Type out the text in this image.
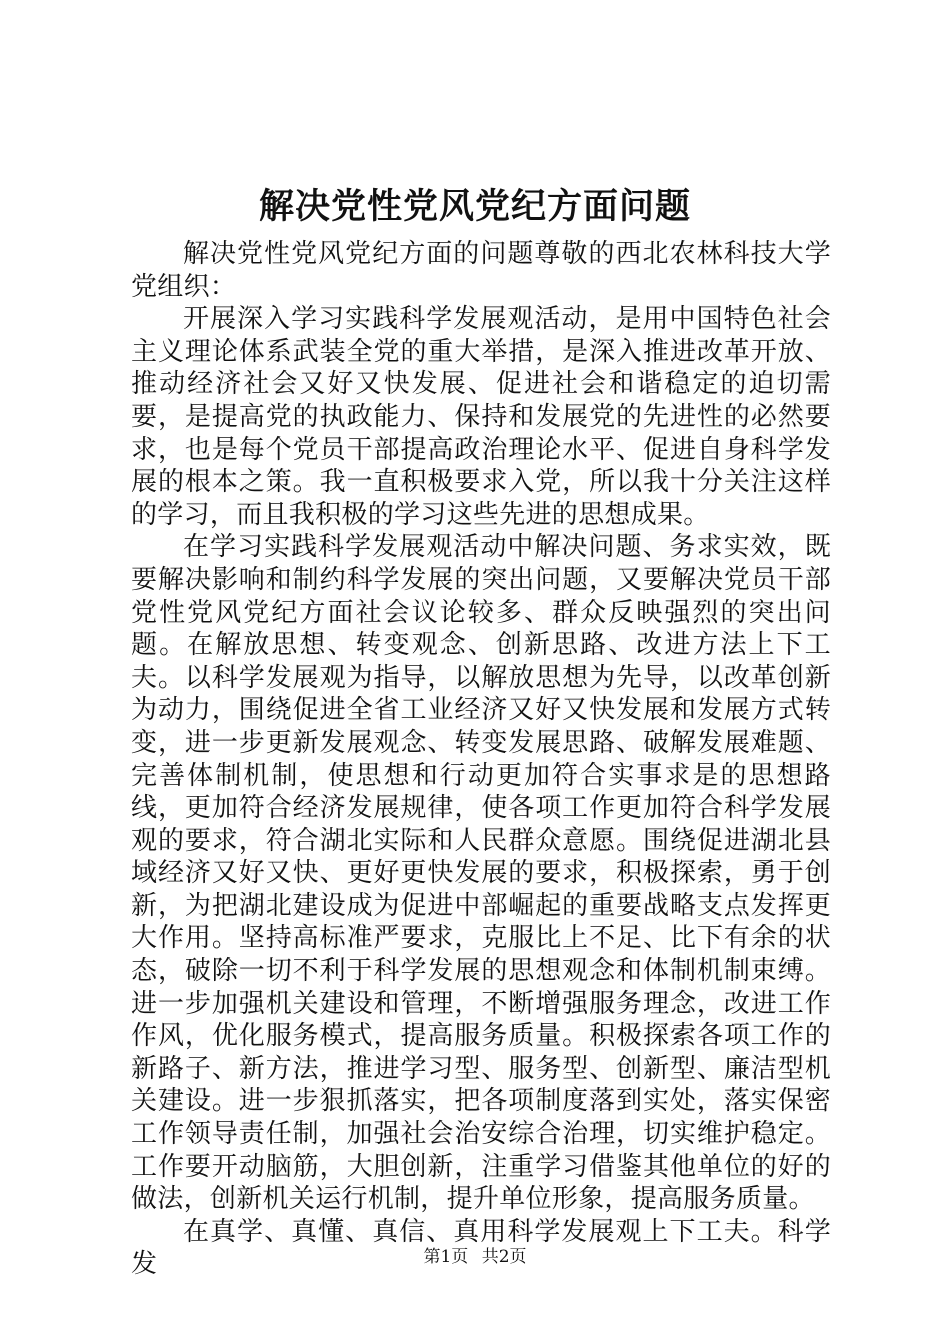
解决党性党风党纪方面问题

解决党性党风党纪方面的问题尊敬的西北农林科技大学党组织：

开展深入学习实践科学发展观活动，是用中国特色社会主义理论体系武装全党的重大举措，是深入推进改革开放、推动经济社会又好又快发展、促进社会和谐稳定的迫切需要，是提高党的执政能力、保持和发展党的先进性的必然要求，也是每个党员干部提高政治理论水平、促进自身科学发展的根本之策。我一直积极要求入党，所以我十分关注这样的学习，而且我积极的学习这些先进的思想成果。

在学习实践科学发展观活动中解决问题、务求实效，既要解决影响和制约科学发展的突出问题，又要解决党员干部党性党风党纪方面社会议论较多、群众反映强烈的突出问题。在解放思想、转变观念、创新思路、改进方法上下工夫。以科学发展观为指导，以解放思想为先导，以改革创新为动力，围绕促进全省工业经济又好又快发展和发展方式转变，进一步更新发展观念、转变发展思路、破解发展难题、完善体制机制，使思想和行动更加符合实事求是的思想路线，更加符合经济发展规律，使各项工作更加符合科学发展观的要求，符合湖北实际和人民群众意愿。围绕促进湖北县域经济又好又快、更好更快发展的要求，积极探索，勇于创新，为把湖北建设成为促进中部崛起的重要战略支点发挥更大作用。坚持高标准严要求，克服比上不足、比下有余的状态，破除一切不利于科学发展的思想观念和体制机制束缚。进一步加强机关建设和管理，不断增强服务理念，改进工作作风，优化服务模式，提高服务质量。积极探索各项工作的新路子、新方法，推进学习型、服务型、创新型、廉洁型机关建设。进一步狠抓落实，把各项制度落到实处，落实保密工作领导责任制，加强社会治安综合治理，切实维护稳定。工作要开动脑筋，大胆创新，注重学习借鉴其他单位的好的做法，创新机关运行机制，提升单位形象，提高服务质量。

在真学、真懂、真信、真用科学发展观上下工夫。科学发	第1页 共2页
